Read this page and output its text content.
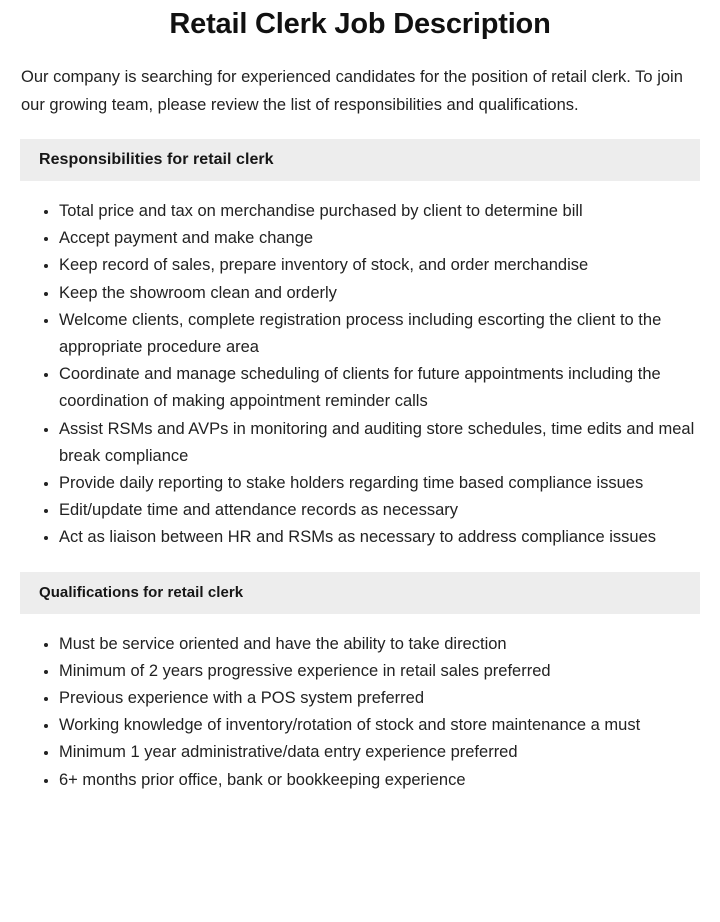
Retail Clerk Job Description

Our company is searching for experienced candidates for the position of retail clerk. To join our growing team, please review the list of responsibilities and qualifications.

Responsibilities for retail clerk
Total price and tax on merchandise purchased by client to determine bill
Accept payment and make change
Keep record of sales, prepare inventory of stock, and order merchandise
Keep the showroom clean and orderly
Welcome clients, complete registration process including escorting the client to the appropriate procedure area
Coordinate and manage scheduling of clients for future appointments including the coordination of making appointment reminder calls
Assist RSMs and AVPs in monitoring and auditing store schedules, time edits and meal break compliance
Provide daily reporting to stake holders regarding time based compliance issues
Edit/update time and attendance records as necessary
Act as liaison between HR and RSMs as necessary to address compliance issues
Qualifications for retail clerk
Must be service oriented and have the ability to take direction
Minimum of 2 years progressive experience in retail sales preferred
Previous experience with a POS system preferred
Working knowledge of inventory/rotation of stock and store maintenance a must
Minimum 1 year administrative/data entry experience preferred
6+ months prior office, bank or bookkeeping experience
